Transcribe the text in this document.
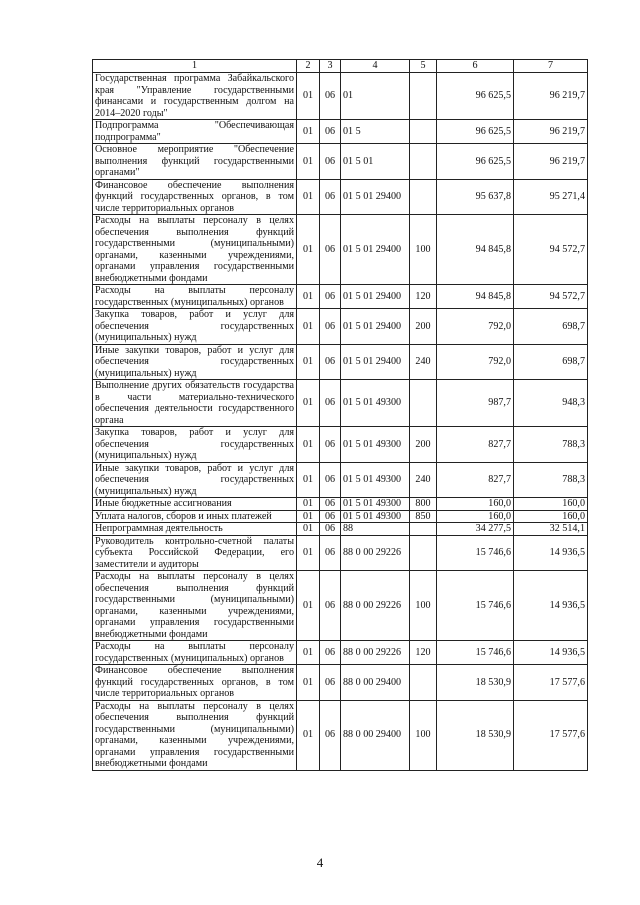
1	2	3	4	5	6	7
Государственная программа Забайкальского края "Управление государственными финансами и государственным долгом на 2014–2020 годы"	01	06	01		96 625,5	96 219,7
Подпрограмма "Обеспечивающая подпрограмма"	01	06	01 5		96 625,5	96 219,7
Основное мероприятие "Обеспечение выполнения функций государственными органами"	01	06	01 5 01		96 625,5	96 219,7
Финансовое обеспечение выполнения функций государственных органов, в том числе территориальных органов	01	06	01 5 01 29400		95 637,8	95 271,4
Расходы на выплаты персоналу в целях обеспечения выполнения функций государственными (муниципальными) органами, казенными учреждениями, органами управления государственными внебюджетными фондами	01	06	01 5 01 29400	100	94 845,8	94 572,7
Расходы на выплаты персоналу государственных (муниципальных) органов	01	06	01 5 01 29400	120	94 845,8	94 572,7
Закупка товаров, работ и услуг для обеспечения государственных (муниципальных) нужд	01	06	01 5 01 29400	200	792,0	698,7
Иные закупки товаров, работ и услуг для обеспечения государственных (муниципальных) нужд	01	06	01 5 01 29400	240	792,0	698,7
Выполнение других обязательств государства в части материально-технического обеспечения деятельности государственного органа	01	06	01 5 01 49300		987,7	948,3
Закупка товаров, работ и услуг для обеспечения государственных (муниципальных) нужд	01	06	01 5 01 49300	200	827,7	788,3
Иные закупки товаров, работ и услуг для обеспечения государственных (муниципальных) нужд	01	06	01 5 01 49300	240	827,7	788,3
Иные бюджетные ассигнования	01	06	01 5 01 49300	800	160,0	160,0
Уплата налогов, сборов и иных платежей	01	06	01 5 01 49300	850	160,0	160,0
Непрограммная деятельность	01	06	88		34 277,5	32 514,1
Руководитель контрольно-счетной палаты субъекта Российской Федерации, его заместители и аудиторы	01	06	88 0 00 29226		15 746,6	14 936,5
Расходы на выплаты персоналу в целях обеспечения выполнения функций государственными (муниципальными) органами, казенными учреждениями, органами управления государственными внебюджетными фондами	01	06	88 0 00 29226	100	15 746,6	14 936,5
Расходы на выплаты персоналу государственных (муниципальных) органов	01	06	88 0 00 29226	120	15 746,6	14 936,5
Финансовое обеспечение выполнения функций государственных органов, в том числе территориальных органов	01	06	88 0 00 29400		18 530,9	17 577,6
Расходы на выплаты персоналу в целях обеспечения выполнения функций государственными (муниципальными) органами, казенными учреждениями, органами управления государственными внебюджетными фондами	01	06	88 0 00 29400	100	18 530,9	17 577,6
4
